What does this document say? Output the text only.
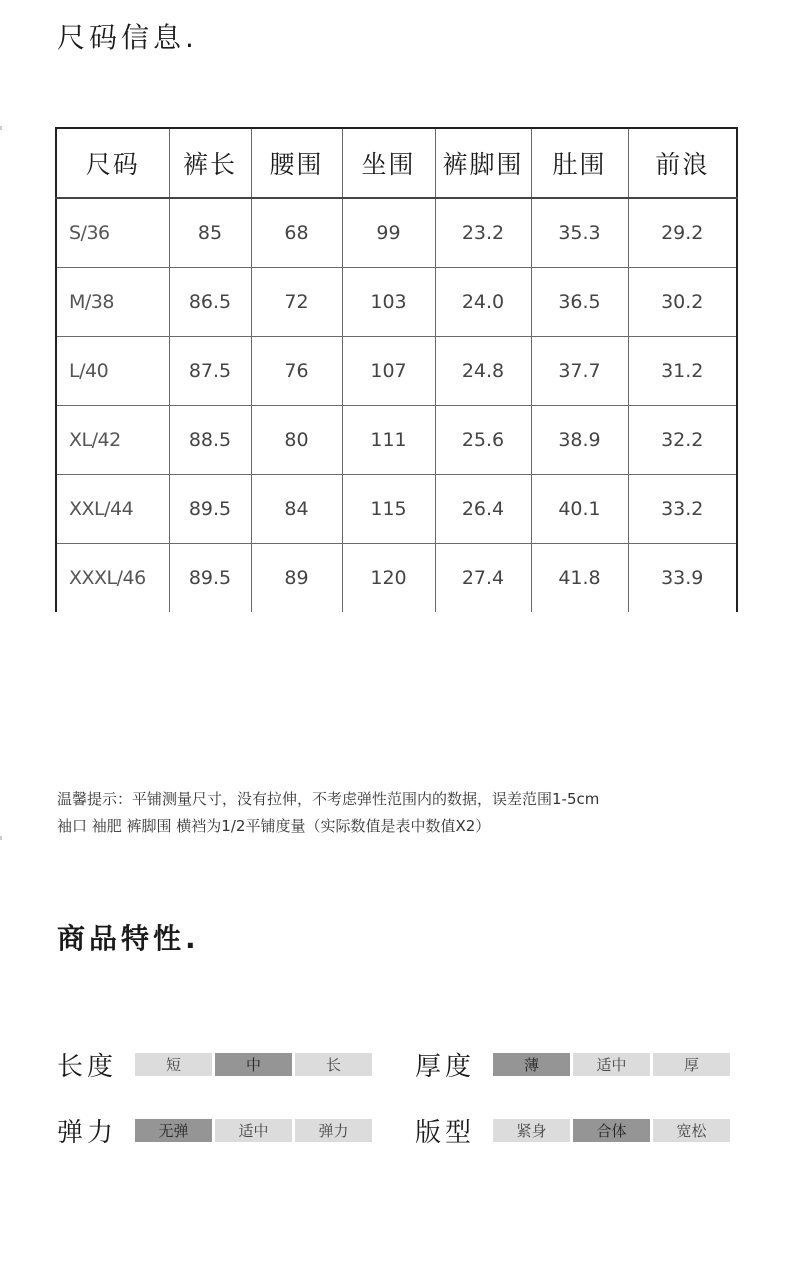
尺码信息.
尺码	裤长	腰围	坐围	裤脚围	肚围	前浪
S/36	85	68	99	23.2	35.3	29.2
M/38	86.5	72	103	24.0	36.5	30.2
L/40	87.5	76	107	24.8	37.7	31.2
XL/42	88.5	80	111	25.6	38.9	32.2
XXL/44	89.5	84	115	26.4	40.1	33.2
XXXL/46	89.5	89	120	27.4	41.8	33.9

温馨提示：平铺测量尺寸，没有拉伸，不考虑弹性范围内的数据，误差范围1-5cm

袖口 袖肥 裤脚围 横裆为1/2平铺度量（实际数值是表中数值X2）

商品特性.
长度	短	中	长	厚度	薄	适中	厚
弹力	无弹	适中	弹力	版型	紧身	合体	宽松
